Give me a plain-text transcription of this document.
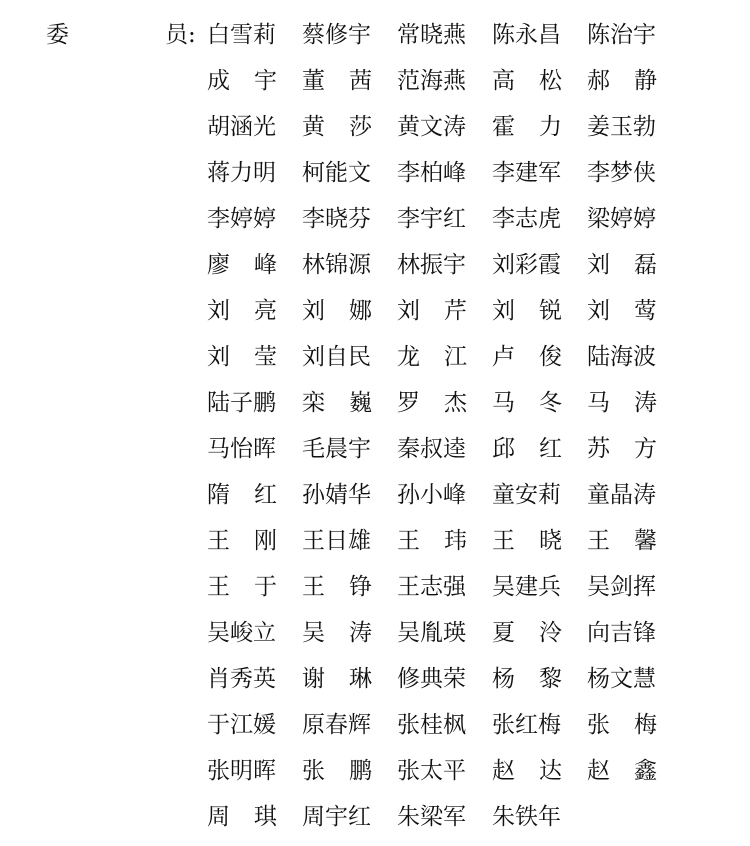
委	员: 白雪莉	蔡修宇	常晓燕	陈永昌	陈治宇
成宇 董茜 范海燕	高松 郝静
胡涵光	黄莎 黄文涛	霍力 姜玉勃
蒋力明	柯能文	李柏峰	李建军	李梦侠
李婷婷	李晓芬	李宇红	李志虎	梁婷婷
廖峰 林锦源	林振宇	刘彩霞	刘磊
刘亮 刘娜 刘芹 刘锐 刘莺
刘莹 刘自民	龙江 卢俊 陆海波
陆子鹏	栾巍 罗杰 马冬 马涛
马怡晖	毛晨宇	秦叔逵	邱红 苏方
隋红 孙婧华	孙小峰	童安莉	童晶涛
王刚 王日雄	王玮 王晓 王馨
王于 王铮 王志强	吴建兵	吴剑挥
吴峻立	吴涛 吴胤瑛	夏泠 向吉锋
肖秀英	谢琳 修典荣	杨黎 杨文慧
于江媛	原春辉	张桂枫	张红梅	张梅
张明晖	张鹏 张太平	赵达 赵鑫
周琪 周宇红	朱梁军	朱铁年
